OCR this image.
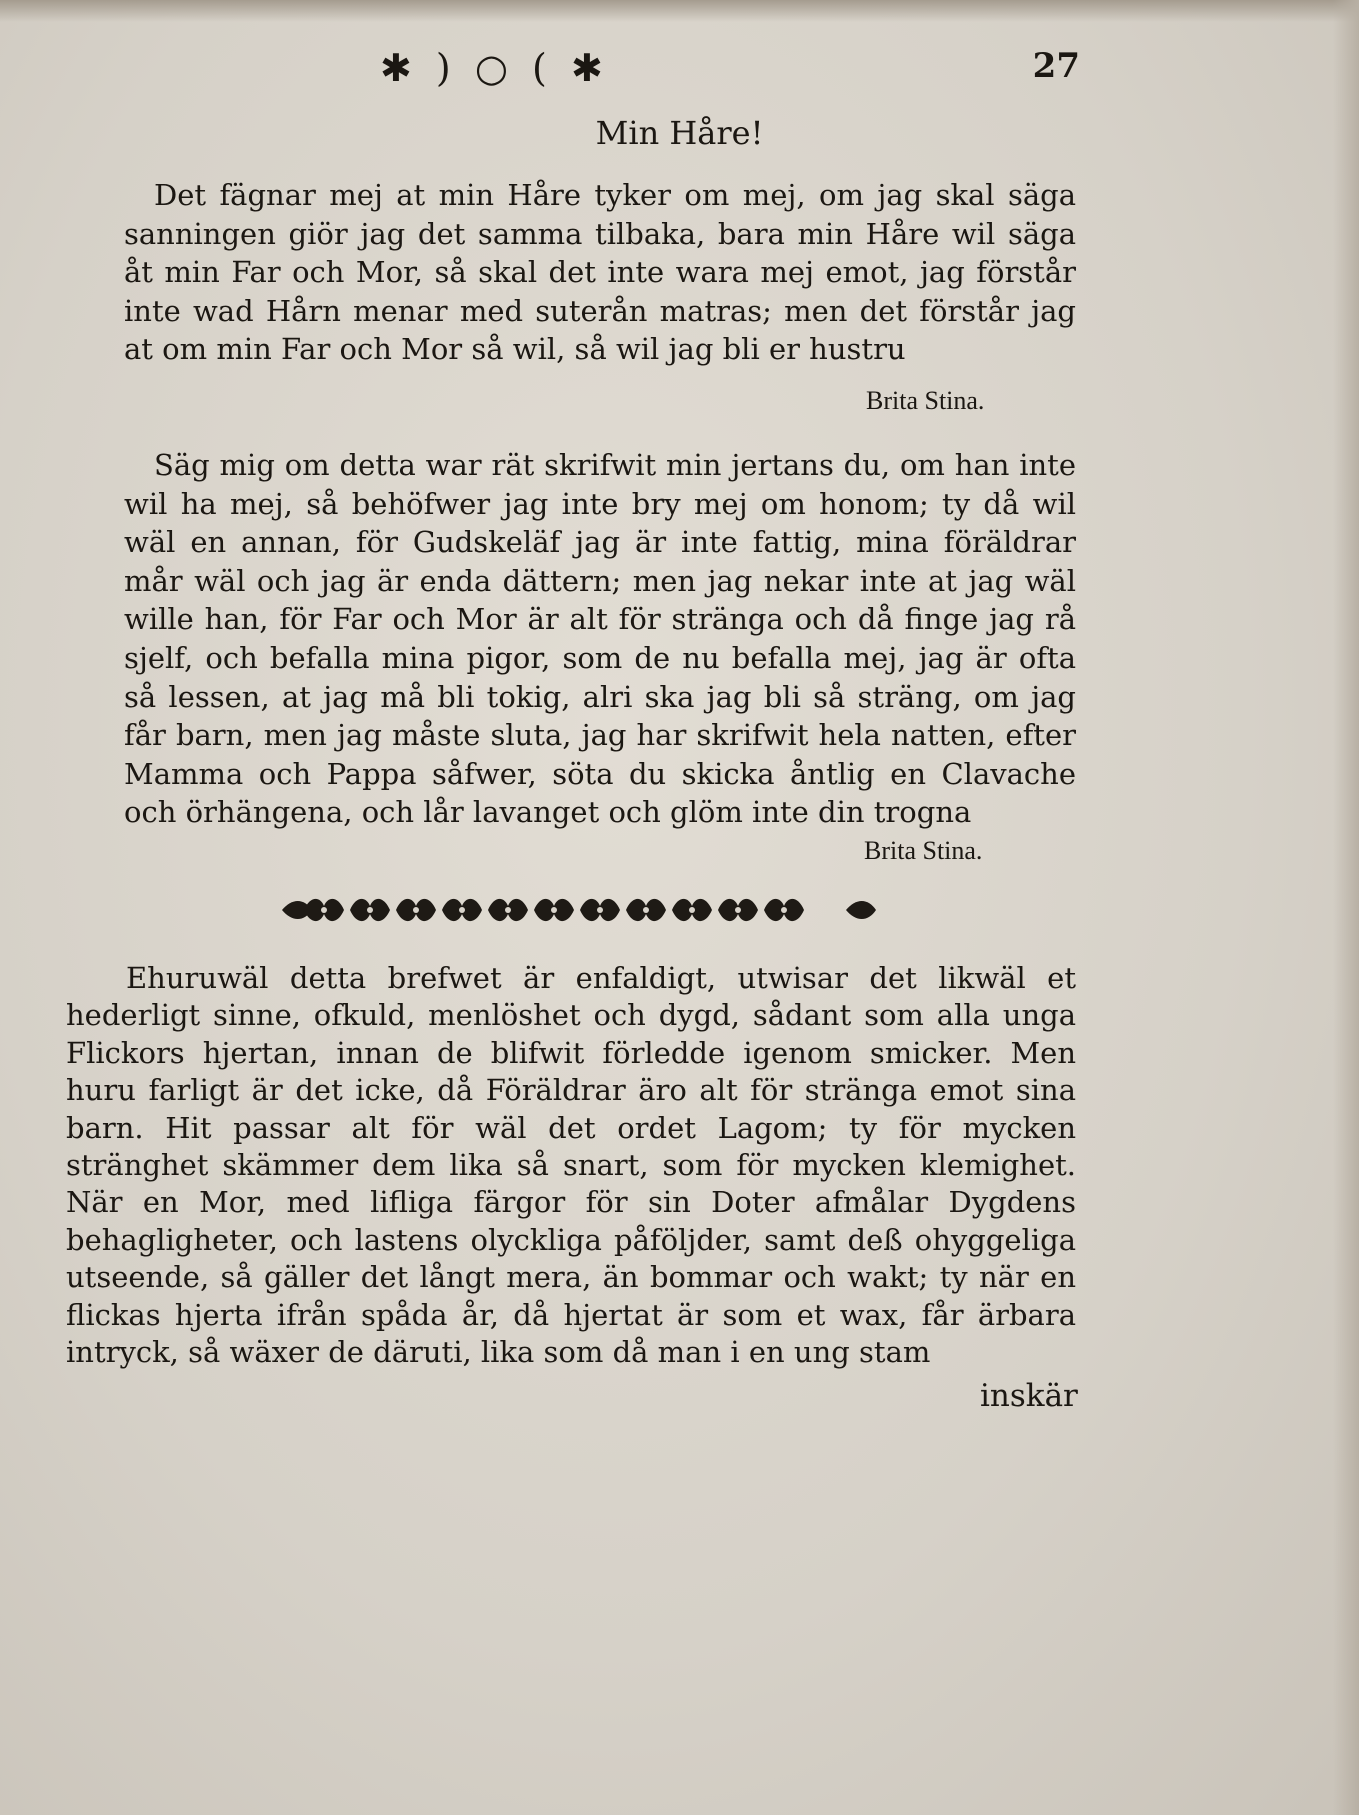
✱ ) ○ ( ✱	27
Min Håre!
Det fägnar mej at min Håre tyker om mej, om jag skal säga sanningen giör jag det samma tilbaka, bara min Håre wil säga åt min Far och Mor, så skal det inte wara mej emot, jag förstår inte wad Hårn menar med suterån matras; men det förstår jag at om min Far och Mor så wil, så wil jag bli er hustru
Brita Stina.
Säg mig om detta war rät skrifwit min jertans du, om han inte wil ha mej, så behöfwer jag inte bry mej om honom; ty då wil wäl en annan, för Gudskeläf jag är inte fattig, mina föräldrar mår wäl och jag är enda dättern; men jag nekar inte at jag wäl wille han, för Far och Mor är alt för stränga och då finge jag rå sjelf, och befalla mina pigor, som de nu befalla mej, jag är ofta så lessen, at jag må bli tokig, alri ska jag bli så sträng, om jag får barn, men jag måste sluta, jag har skrifwit hela natten, efter Mamma och Pappa såfwer, söta du skicka åntlig en Clavache och örhängena, och lår lavanget och glöm inte din trogna
Brita Stina.
Ehuruwäl detta brefwet är enfaldigt, utwisar det likwäl et hederligt sinne, ofkuld, menlöshet och dygd, sådant som alla unga Flickors hjertan, innan de blifwit förledde igenom smicker. Men huru farligt är det icke, då Föräldrar äro alt för stränga emot sina barn. Hit passar alt för wäl det ordet Lagom; ty för mycken stränghet skämmer dem lika så snart, som för mycken klemighet. När en Mor, med lifliga färgor för sin Doter afmålar Dygdens behagligheter, och lastens olyckliga påföljder, samt deß ohyggeliga utseende, så gäller det långt mera, än bommar och wakt; ty när en flickas hjerta ifrån spåda år, då hjertat är som et wax, får ärbara intryck, så wäxer de däruti, lika som då man i en ung stam
inskär
